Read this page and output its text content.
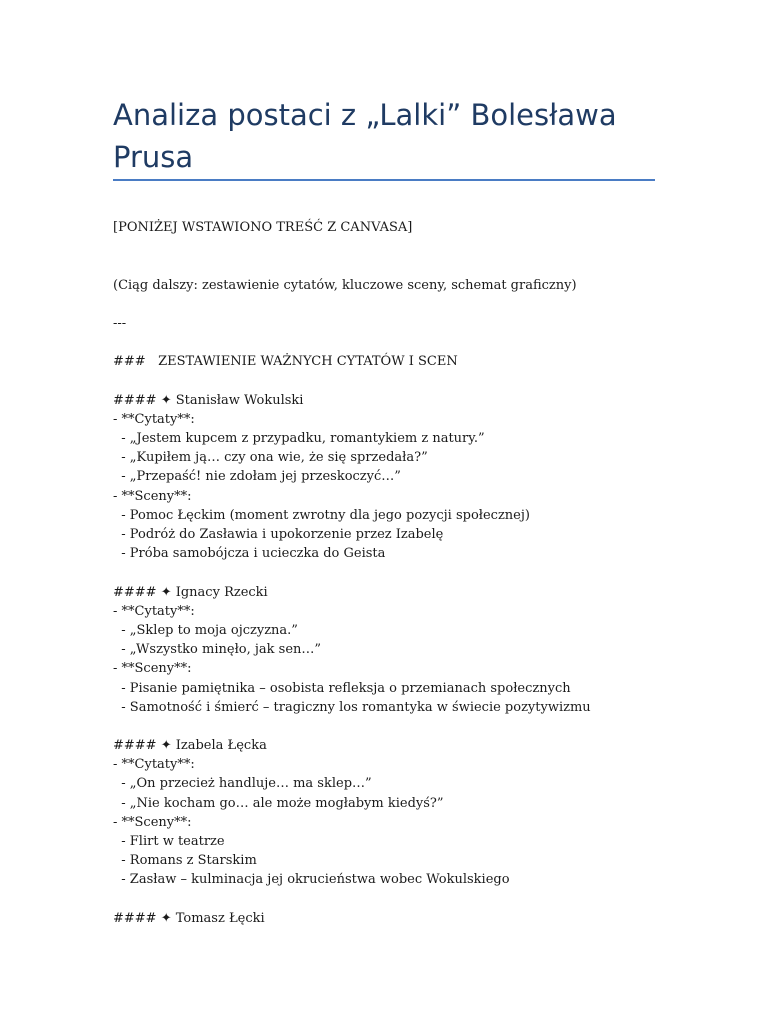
Analiza postaci z „Lalki” Bolesława Prusa
[PONIŻEJ WSTAWIONO TREŚĆ Z CANVASA]
(Ciąg dalszy: zestawienie cytatów, kluczowe sceny, schemat graficzny)
---
###   ZESTAWIENIE WAŻNYCH CYTATÓW I SCEN
#### ✦ Stanisław Wokulski
- **Cytaty**:
- „Jestem kupcem z przypadku, romantykiem z natury.”
- „Kupiłem ją… czy ona wie, że się sprzedała?”
- „Przepaść! nie zdołam jej przeskoczyć…”
- **Sceny**:
- Pomoc Łęckim (moment zwrotny dla jego pozycji społecznej)
- Podróż do Zasławia i upokorzenie przez Izabelę
- Próba samobójcza i ucieczka do Geista
#### ✦ Ignacy Rzecki
- **Cytaty**:
- „Sklep to moja ojczyzna.”
- „Wszystko minęło, jak sen…”
- **Sceny**:
- Pisanie pamiętnika – osobista refleksja o przemianach społecznych
- Samotność i śmierć – tragiczny los romantyka w świecie pozytywizmu
#### ✦ Izabela Łęcka
- **Cytaty**:
- „On przecież handluje… ma sklep…”
- „Nie kocham go… ale może mogłabym kiedyś?”
- **Sceny**:
- Flirt w teatrze
- Romans z Starskim
- Zasław – kulminacja jej okrucieństwa wobec Wokulskiego
#### ✦ Tomasz Łęcki
